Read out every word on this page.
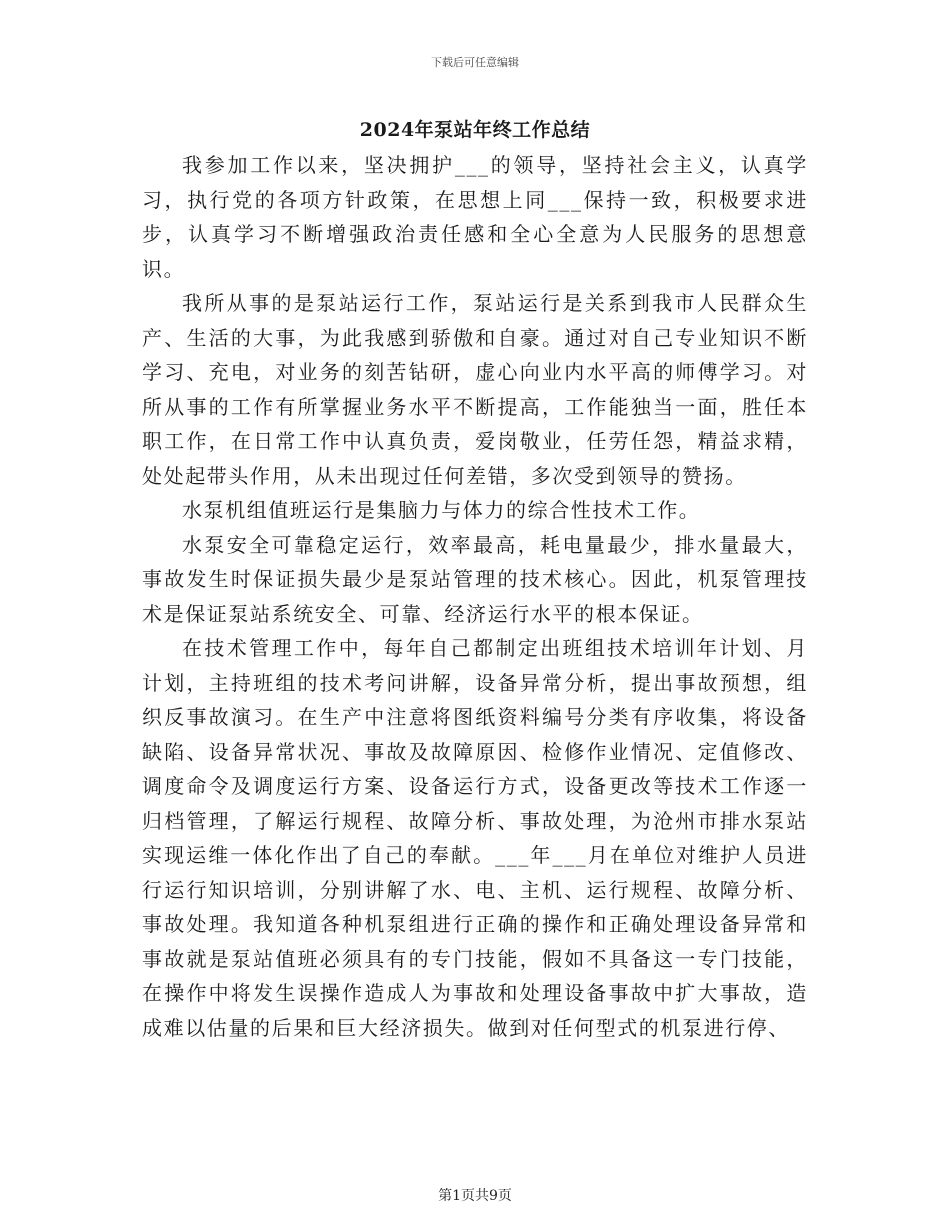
下载后可任意编辑
2024年泵站年终工作总结

我参加工作以来，坚决拥护___的领导，坚持社会主义，认真学习，执行党的各项方针政策，在思想上同___保持一致，积极要求进步，认真学习不断增强政治责任感和全心全意为人民服务的思想意识。

我所从事的是泵站运行工作，泵站运行是关系到我市人民群众生产、生活的大事，为此我感到骄傲和自豪。通过对自己专业知识不断学习、充电，对业务的刻苦钻研，虚心向业内水平高的师傅学习。对所从事的工作有所掌握业务水平不断提高，工作能独当一面，胜任本职工作，在日常工作中认真负责，爱岗敬业，任劳任怨，精益求精，处处起带头作用，从未出现过任何差错，多次受到领导的赞扬。

水泵机组值班运行是集脑力与体力的综合性技术工作。

水泵安全可靠稳定运行，效率最高，耗电量最少，排水量最大，事故发生时保证损失最少是泵站管理的技术核心。因此，机泵管理技术是保证泵站系统安全、可靠、经济运行水平的根本保证。

在技术管理工作中，每年自己都制定出班组技术培训年计划、月计划，主持班组的技术考问讲解，设备异常分析，提出事故预想，组织反事故演习。在生产中注意将图纸资料编号分类有序收集，将设备缺陷、设备异常状况、事故及故障原因、检修作业情况、定值修改、调度命令及调度运行方案、设备运行方式，设备更改等技术工作逐一归档管理，了解运行规程、故障分析、事故处理，为沧州市排水泵站实现运维一体化作出了自己的奉献。___年___月在单位对维护人员进行运行知识培训，分别讲解了水、电、主机、运行规程、故障分析、事故处理。我知道各种机泵组进行正确的操作和正确处理设备异常和事故就是泵站值班必须具有的专门技能，假如不具备这一专门技能，在操作中将发生误操作造成人为事故和处理设备事故中扩大事故，造成难以估量的后果和巨大经济损失。做到对任何型式的机泵进行停、

第1页共9页
